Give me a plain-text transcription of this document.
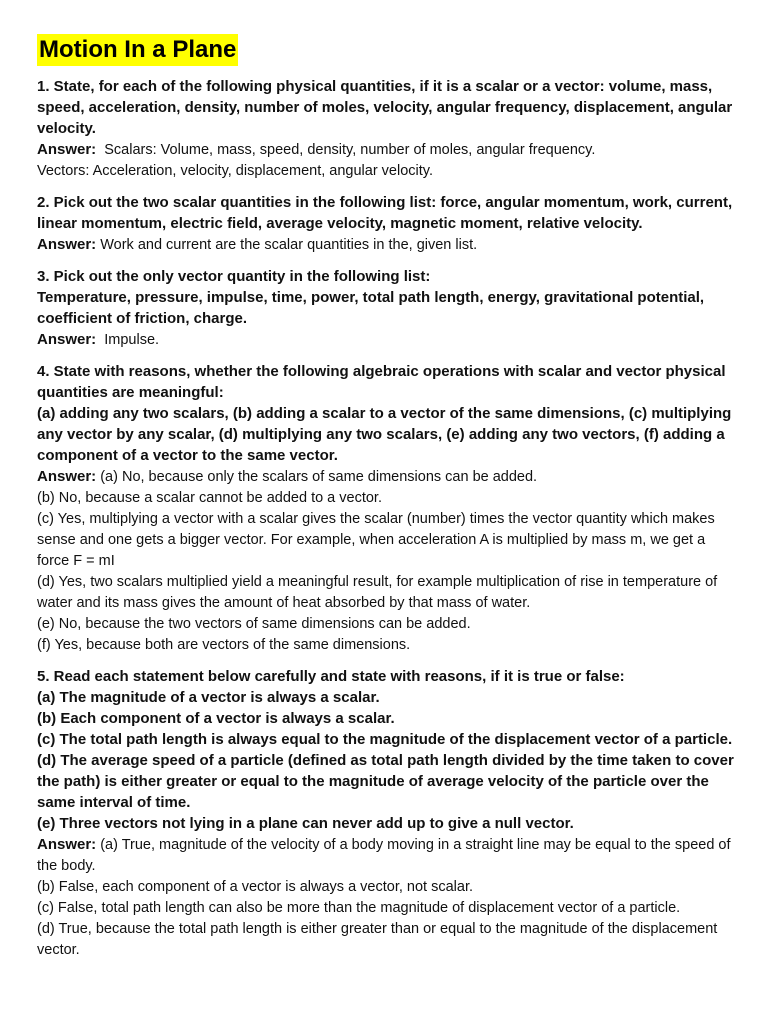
Motion In a Plane

1. State, for each of the following physical quantities, if it is a scalar or a vector: volume, mass, speed, acceleration, density, number of moles, velocity, angular frequency, displacement, angular velocity.

Answer: Scalars: Volume, mass, speed, density, number of moles, angular frequency.

Vectors: Acceleration, velocity, displacement, angular velocity.

2. Pick out the two scalar quantities in the following list: force, angular momentum, work, current, linear momentum, electric field, average velocity, magnetic moment, relative velocity.

Answer: Work and current are the scalar quantities in the, given list.

3. Pick out the only vector quantity in the following list:

Temperature, pressure, impulse, time, power, total path length, energy, gravitational potential, coefficient of friction, charge.

Answer: Impulse.

4. State with reasons, whether the following algebraic operations with scalar and vector physical quantities are meaningful:

(a) adding any two scalars, (b) adding a scalar to a vector of the same dimensions, (c) multiplying any vector by any scalar, (d) multiplying any two scalars, (e) adding any two vectors, (f) adding a component of a vector to the same vector.

Answer: (a) No, because only the scalars of same dimensions can be added.

(b) No, because a scalar cannot be added to a vector.

(c) Yes, multiplying a vector with a scalar gives the scalar (number) times the vector quantity which makes sense and one gets a bigger vector. For example, when acceleration A is multiplied by mass m, we get a force F = mI

(d) Yes, two scalars multiplied yield a meaningful result, for example multiplication of rise in temperature of water and its mass gives the amount of heat absorbed by that mass of water.

(e) No, because the two vectors of same dimensions can be added.

(f) Yes, because both are vectors of the same dimensions.

5. Read each statement below carefully and state with reasons, if it is true or false:

(a) The magnitude of a vector is always a scalar.

(b) Each component of a vector is always a scalar.

(c) The total path length is always equal to the magnitude of the displacement vector of a particle.

(d) The average speed of a particle (defined as total path length divided by the time taken to cover the path) is either greater or equal to the magnitude of average velocity of the particle over the same interval of time.

(e) Three vectors not lying in a plane can never add up to give a null vector.

Answer: (a) True, magnitude of the velocity of a body moving in a straight line may be equal to the speed of the body.

(b) False, each component of a vector is always a vector, not scalar.

(c) False, total path length can also be more than the magnitude of displacement vector of a particle.

(d) True, because the total path length is either greater than or equal to the magnitude of the displacement vector.
